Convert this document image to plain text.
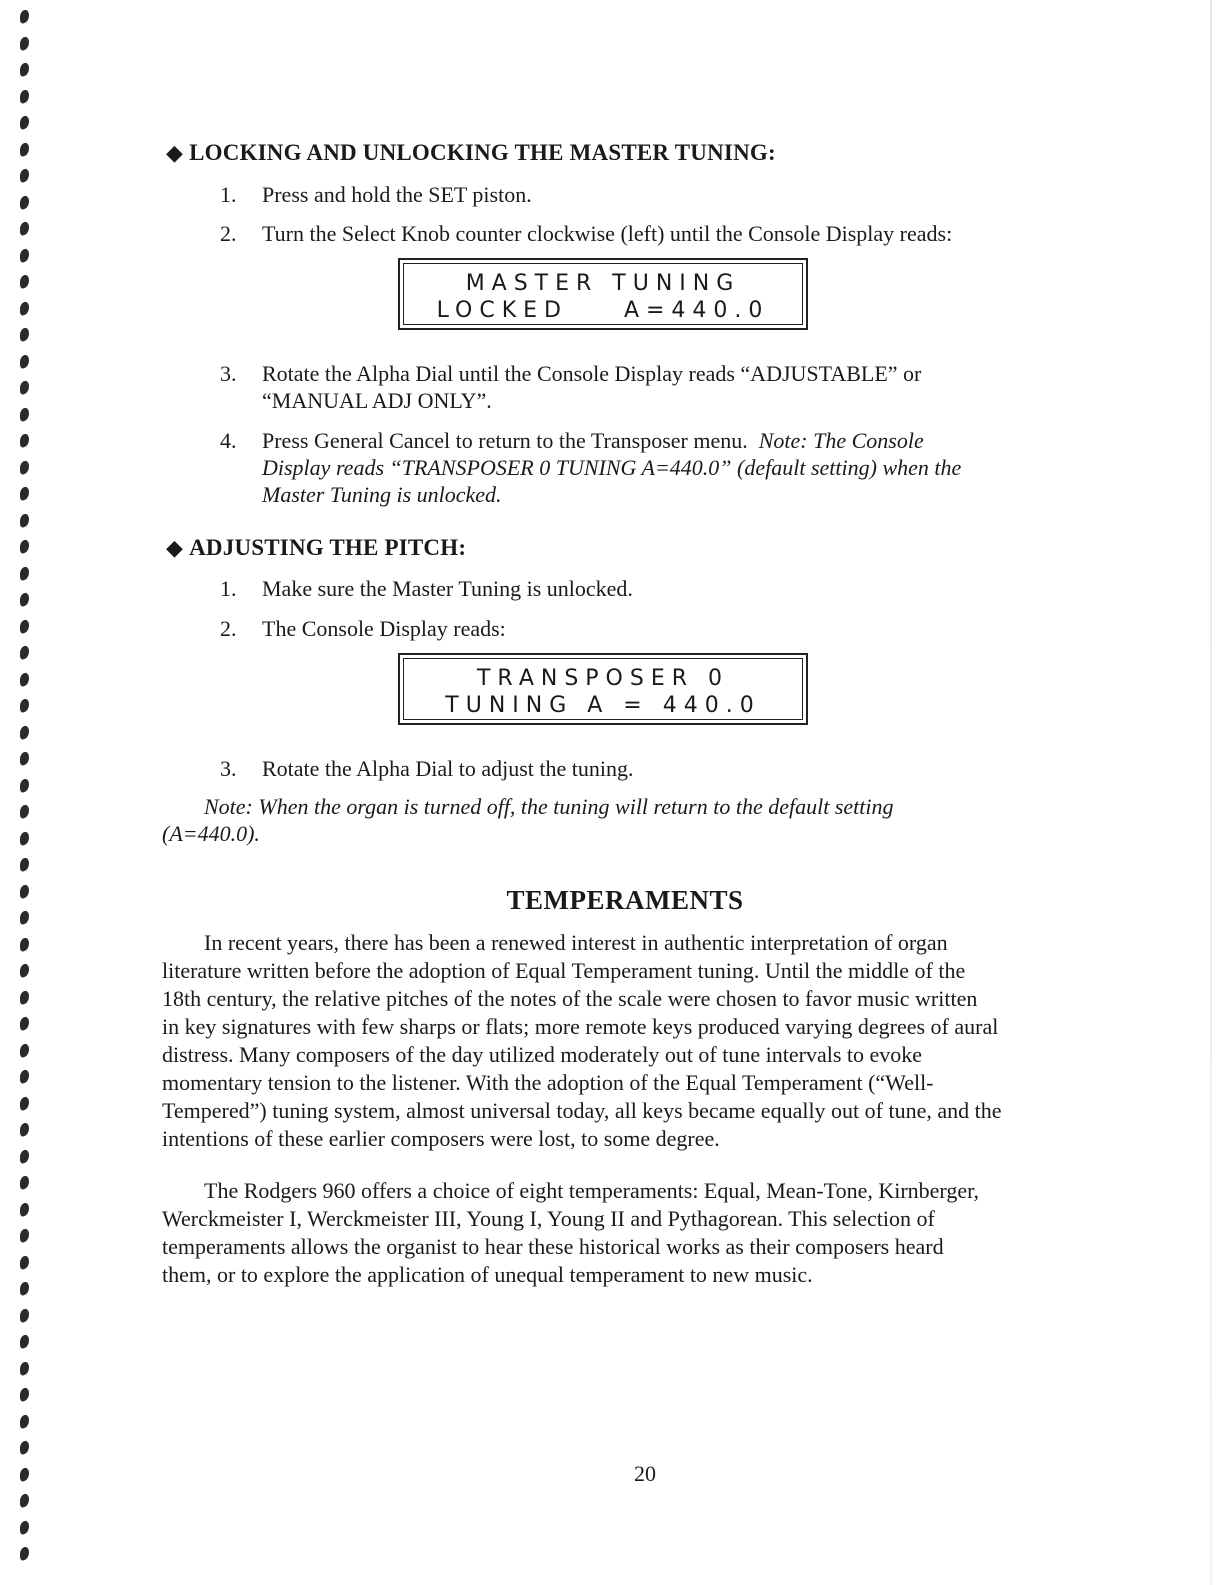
◆ LOCKING AND UNLOCKING THE MASTER TUNING:
1. Press and hold the SET piston.
2. Turn the Select Knob counter clockwise (left) until the Console Display reads:
MASTER TUNING
LOCKED    A=440.0
3. Rotate the Alpha Dial until the Console Display reads “ADJUSTABLE” or
“MANUAL ADJ ONLY”.
4. Press General Cancel to return to the Transposer menu. Note: The Console
Display reads “TRANSPOSER 0 TUNING A=440.0” (default setting) when the
Master Tuning is unlocked.
◆ ADJUSTING THE PITCH:
1. Make sure the Master Tuning is unlocked.
2. The Console Display reads:
TRANSPOSER 0
TUNING A = 440.0
3. Rotate the Alpha Dial to adjust the tuning.
Note: When the organ is turned off, the tuning will return to the default setting
(A=440.0).
TEMPERAMENTS
In recent years, there has been a renewed interest in authentic interpretation of organ
literature written before the adoption of Equal Temperament tuning. Until the middle of the
18th century, the relative pitches of the notes of the scale were chosen to favor music written
in key signatures with few sharps or flats; more remote keys produced varying degrees of aural
distress. Many composers of the day utilized moderately out of tune intervals to evoke
momentary tension to the listener. With the adoption of the Equal Temperament (“Well-
Tempered”) tuning system, almost universal today, all keys became equally out of tune, and the
intentions of these earlier composers were lost, to some degree.
The Rodgers 960 offers a choice of eight temperaments: Equal, Mean-Tone, Kirnberger,
Werckmeister I, Werckmeister III, Young I, Young II and Pythagorean. This selection of
temperaments allows the organist to hear these historical works as their composers heard
them, or to explore the application of unequal temperament to new music.
20
